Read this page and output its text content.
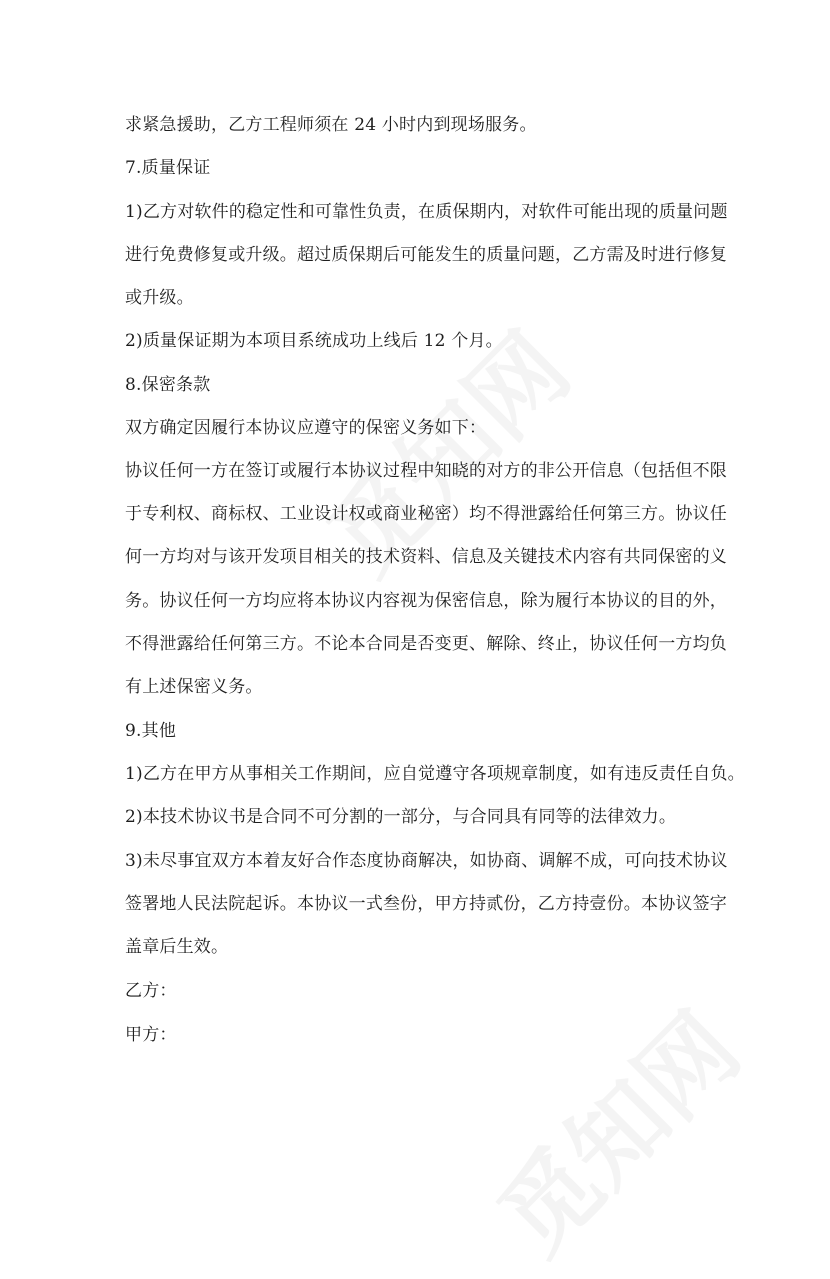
求紧急援助，乙方工程师须在 24 小时内到现场服务。
7.质量保证
1)乙方对软件的稳定性和可靠性负责，在质保期内，对软件可能出现的质量问题
进行免费修复或升级。超过质保期后可能发生的质量问题，乙方需及时进行修复
或升级。
2)质量保证期为本项目系统成功上线后 12 个月。
8.保密条款
双方确定因履行本协议应遵守的保密义务如下：
协议任何一方在签订或履行本协议过程中知晓的对方的非公开信息（包括但不限
于专利权、商标权、工业设计权或商业秘密）均不得泄露给任何第三方。协议任
何一方均对与该开发项目相关的技术资料、信息及关键技术内容有共同保密的义
务。协议任何一方均应将本协议内容视为保密信息，除为履行本协议的目的外，
不得泄露给任何第三方。不论本合同是否变更、解除、终止，协议任何一方均负
有上述保密义务。
9.其他
1)乙方在甲方从事相关工作期间，应自觉遵守各项规章制度，如有违反责任自负。
2)本技术协议书是合同不可分割的一部分，与合同具有同等的法律效力。
3)未尽事宜双方本着友好合作态度协商解决，如协商、调解不成，可向技术协议
签署地人民法院起诉。本协议一式叁份，甲方持贰份，乙方持壹份。本协议签字
盖章后生效。
乙方：
甲方：
